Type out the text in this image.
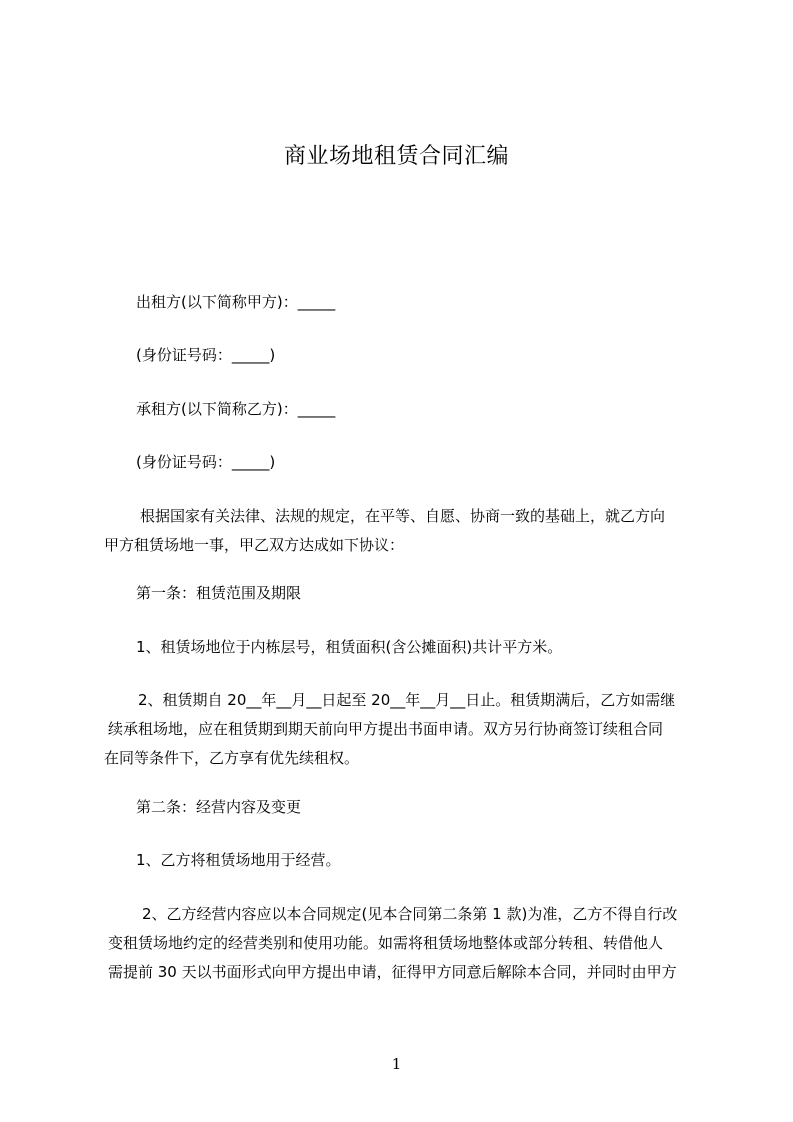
商业场地租赁合同汇编
出租方(以下简称甲方)：_____
(身份证号码：_____)
承租方(以下简称乙方)：_____
(身份证号码：_____)
根据国家有关法律、法规的规定，在平等、自愿、协商一致的基础上，就乙方向
甲方租赁场地一事，甲乙双方达成如下协议：
第一条：租赁范围及期限
1、租赁场地位于内栋层号，租赁面积(含公摊面积)共计平方米。
2、租赁期自 20__年__月__日起至 20__年__月__日止。租赁期满后，乙方如需继
续承租场地，应在租赁期到期天前向甲方提出书面申请。双方另行协商签订续租合同
在同等条件下，乙方享有优先续租权。
第二条：经营内容及变更
1、乙方将租赁场地用于经营。
2、乙方经营内容应以本合同规定(见本合同第二条第 1 款)为准，乙方不得自行改
变租赁场地约定的经营类别和使用功能。如需将租赁场地整体或部分转租、转借他人
需提前 30 天以书面形式向甲方提出申请，征得甲方同意后解除本合同，并同时由甲方
1
